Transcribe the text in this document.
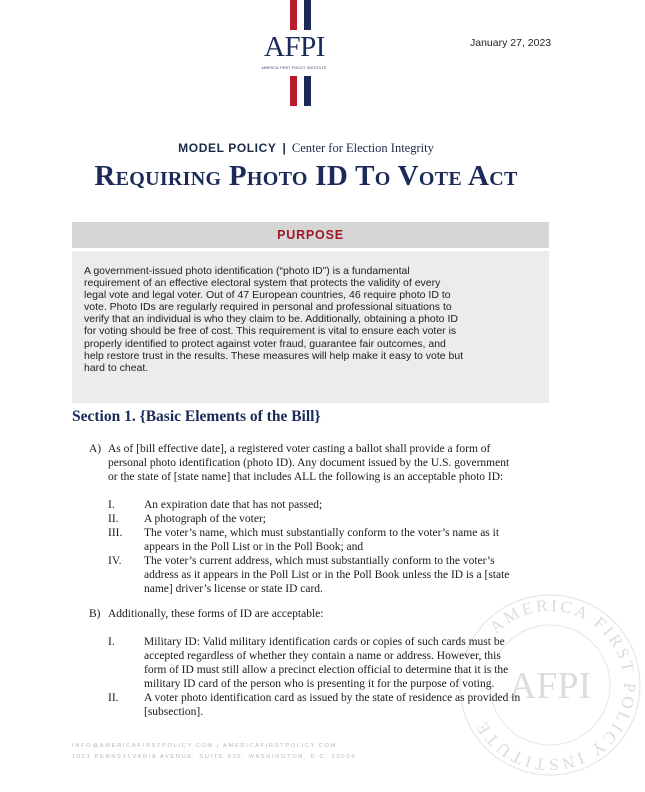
AFPI
AMERICA FIRST POLICY INSTITUTE
January 27, 2023
MODEL POLICY | Center for Election Integrity
Requiring Photo ID To Vote Act
PURPOSE
A government-issued photo identification (“photo ID”) is a fundamental
requirement of an effective electoral system that protects the validity of every
legal vote and legal voter. Out of 47 European countries, 46 require photo ID to
vote. Photo IDs are regularly required in personal and professional situations to
verify that an individual is who they claim to be. Additionally, obtaining a photo ID
for voting should be free of cost. This requirement is vital to ensure each voter is
properly identified to protect against voter fraud, guarantee fair outcomes, and
help restore trust in the results. These measures will help make it easy to vote but
hard to cheat.
Section 1. {Basic Elements of the Bill}
AMERICA FIRST POLICY INSTITUTE
AFPI
A) As of [bill effective date], a registered voter casting a ballot shall provide a form of
personal photo identification (photo ID). Any document issued by the U.S. government
or the state of [state name] that includes ALL the following is an acceptable photo ID:
I.	An expiration date that has not passed;
II.	A photograph of the voter;
III.	The voter’s name, which must substantially conform to the voter’s name as it
appears in the Poll List or in the Poll Book; and
IV.	The voter’s current address, which must substantially conform to the voter’s
address as it appears in the Poll List or in the Poll Book unless the ID is a [state
name] driver’s license or state ID card.
B) Additionally, these forms of ID are acceptable:
I.	Military ID: Valid military identification cards or copies of such cards must be
accepted regardless of whether they contain a name or address. However, this
form of ID must still allow a precinct election official to determine that it is the
military ID card of the person who is presenting it for the purpose of voting.
II.	A voter photo identification card as issued by the state of residence as provided in
[subsection].
INFO@AMERICAFIRSTPOLICY.COM | AMERICAFIRSTPOLICY.COM
1001 PENNSYLVANIA AVENUE, SUITE 530, WASHINGTON, D.C. 20004
